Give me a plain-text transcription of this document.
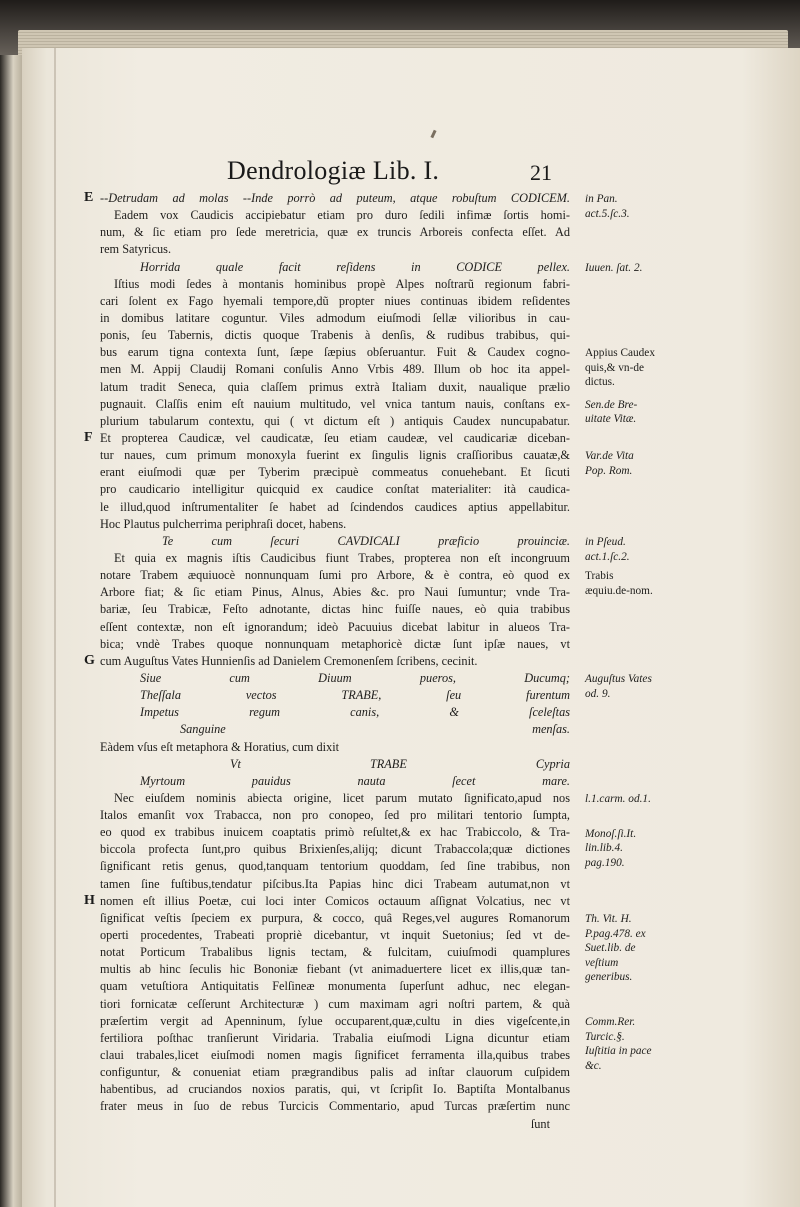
Dendrologiæ Lib. I.	21
--Detrudam ad molas --Inde porrò ad puteum, atque robuſtum CODICEM.
Eadem vox Caudicis accipiebatur etiam pro duro ſedili infimæ ſortis homi-
num, & ſic etiam pro ſede meretricia, quæ ex truncis Arboreis confecta eſſet. Ad
rem Satyricus.
Horrida quale facit reſidens in CODICE pellex.
Iſtius modi ſedes à montanis hominibus propè Alpes noſtrarũ regionum fabri-
cari ſolent ex Fago hyemali tempore,dũ propter niues continuas ibidem reſidentes
in domibus latitare coguntur. Viles admodum eiuſmodi ſellæ vilioribus in cau-
ponis, ſeu Tabernis, dictis quoque Trabenis à denſis, & rudibus trabibus, qui-
bus earum tigna contexta ſunt, ſæpe ſæpius obſeruantur. Fuit & Caudex cogno-
men M. Appij Claudij Romani conſulis Anno Vrbis 489. Illum ob hoc ita appel-
latum tradit Seneca, quia claſſem primus extrà Italiam duxit, naualique prælio
pugnauit. Claſſis enim eſt nauium multitudo, vel vnica tantum nauis, conſtans ex-
plurium tabularum contextu, qui ( vt dictum eſt ) antiquis Caudex nuncupabatur.
Et propterea Caudicæ, vel caudicatæ, ſeu etiam caudeæ, vel caudicariæ diceban-
tur naues, cum primum monoxyla fuerint ex ſingulis lignis craſſioribus cauatæ,&
erant eiuſmodi quæ per Tyberim præcipuè commeatus conuehebant. Et ſicuti
pro caudicario intelligitur quicquid ex caudice conſtat materialiter: ità caudica-
le illud,quod inſtrumentaliter ſe habet ad ſcindendos caudices aptius appellabitur.
Hoc Plautus pulcherrima periphraſi docet, habens.
Te cum ſecuri CAVDICALI præficio prouinciæ.
Et quia ex magnis iſtis Caudicibus fiunt Trabes, propterea non eſt incongruum
notare Trabem æquiuocè nonnunquam ſumi pro Arbore, & è contra, eò quod ex
Arbore fiat; & ſic etiam Pinus, Alnus, Abies &c. pro Naui ſumuntur; vnde Tra-
bariæ, ſeu Trabicæ, Feſto adnotante, dictas hinc fuiſſe naues, eò quia trabibus
eſſent contextæ, non eſt ignorandum; ideò Pacuuius dicebat labitur in alueos Tra-
bica; vndè Trabes quoque nonnunquam metaphoricè dictæ ſunt ipſæ naues, vt
cum Auguſtus Vates Hunnienſis ad Danielem Cremonenſem ſcribens, cecinit.
Siue cum Diuum pueros, Ducumq;
Theſſala vectos TRABE, ſeu furentum
Impetus regum canis, & ſceleſtas
Sanguine menſas.
Eàdem vſus eſt metaphora & Horatius, cum dixit
Vt TRABE Cypria
Myrtoum pauidus nauta ſecet mare.
Nec eiuſdem nominis abiecta origine, licet parum mutato ſignificato,apud nos
Italos emanſit vox Trabacca, non pro conopeo, ſed pro militari tentorio ſumpta,
eo quod ex trabibus inuicem coaptatis primò reſultet,& ex hac Trabiccolo, & Tra-
biccola profecta ſunt,pro quibus Brixienſes,alijq; dicunt Trabaccola;quæ dictiones
ſignificant retis genus, quod,tanquam tentorium quoddam, ſed ſine trabibus, non
tamen ſine fuſtibus,tendatur piſcibus.Ita Papias hinc dici Trabeam autumat,non vt
nomen eſt illius Poetæ, cui loci inter Comicos octauum aſſignat Volcatius, nec vt
ſignificat veſtis ſpeciem ex purpura, & cocco, quâ Reges,vel augures Romanorum
operti procedentes, Trabeati propriè dicebantur, vt inquit Suetonius; ſed vt de-
notat Porticum Trabalibus lignis tectam, & fulcitam, cuiuſmodi quamplures
multis ab hinc ſeculis hic Bononiæ fiebant (vt animaduertere licet ex illis,quæ tan-
quam vetuſtiora Antiquitatis Felſineæ monumenta ſuperſunt adhuc, nec elegan-
tiori fornicatæ ceſſerunt Architecturæ ) cum maximam agri noſtri partem, & quà
præſertim vergit ad Apenninum, ſylue occuparent,quæ,cultu in dies vigeſcente,in
fertiliora poſthac tranſierunt Viridaria. Trabalia eiuſmodi Ligna dicuntur etiam
claui trabales,licet eiuſmodi nomen magis ſignificet ferramenta illa,quibus trabes
configuntur, & conueniat etiam prægrandibus palis ad inſtar clauorum cuſpidem
habentibus, ad cruciandos noxios paratis, qui, vt ſcripſit Io. Baptiſta Montalbanus
frater meus in ſuo de rebus Turcicis Commentario, apud Turcas præſertim nunc
ſunt

in Pan. act.5.ſc.3.

Iuuen. ſat. 2.

Appius Caudex quis,& vn-de dictus.

Sen.de Bre-uitate Vitæ.

Var.de Vita Pop. Rom.

in Pſeud. act.1.ſc.2.

Trabis æquiu.de-nom.

Auguſtus Vates od. 9.

l.1.carm. od.1.

Monoſ.ſi.It. lin.lib.4. pag.190.

Th. Vit. H. P.pag.478. ex Suet.lib. de veſtium generibus.

Comm.Rer. Turcic.§. Iuſtitia in pace &c.

E
F
G
H
